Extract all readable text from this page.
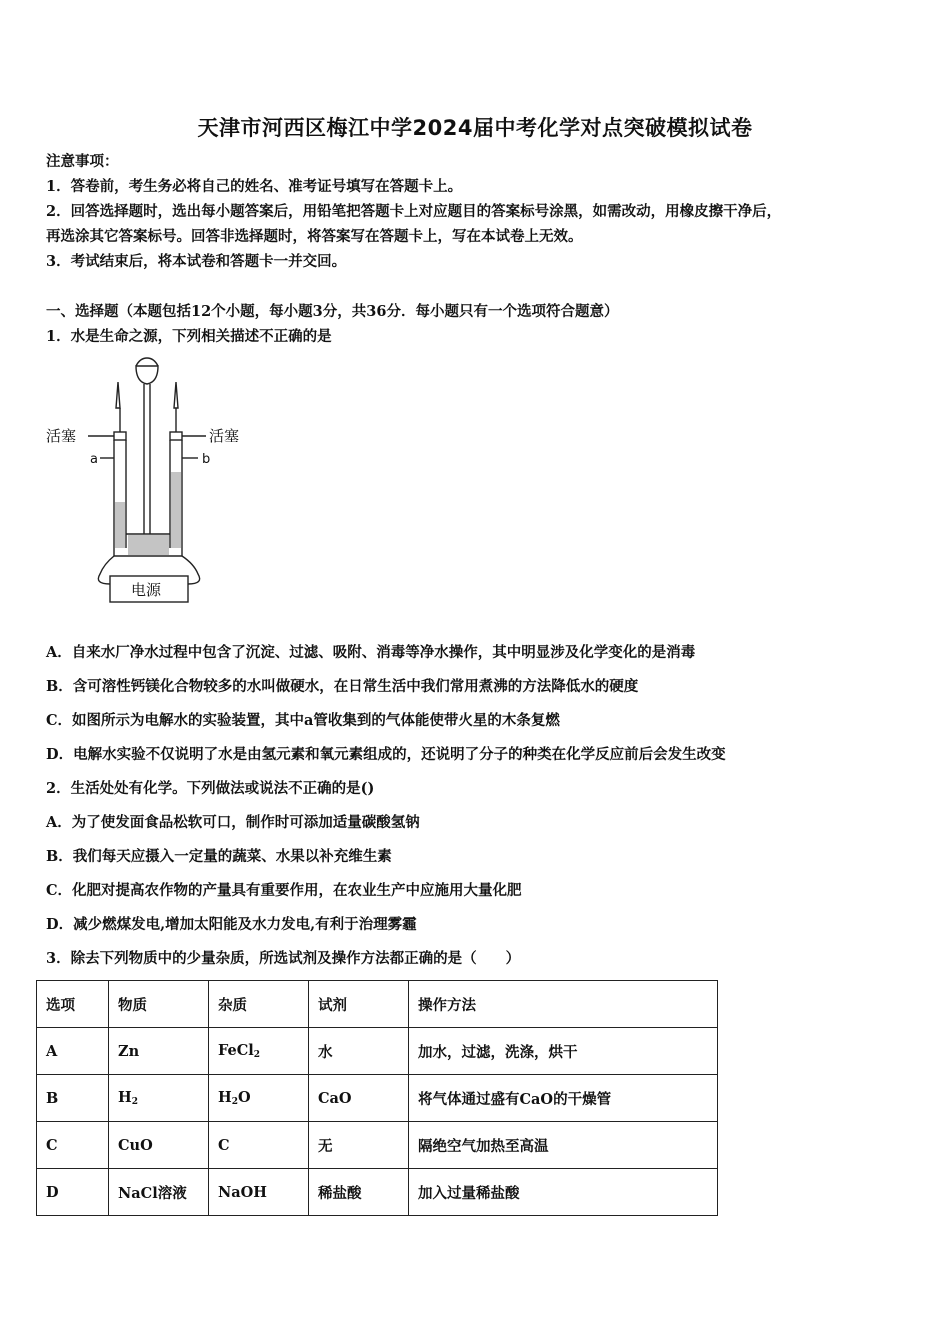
天津市河西区梅江中学2024届中考化学对点突破模拟试卷
注意事项：
1．答卷前，考生务必将自己的姓名、准考证号填写在答题卡上。
2．回答选择题时，选出每小题答案后，用铅笔把答题卡上对应题目的答案标号涂黑，如需改动，用橡皮擦干净后，
再选涂其它答案标号。回答非选择题时，将答案写在答题卡上，写在本试卷上无效。
3．考试结束后，将本试卷和答题卡一并交回。
一、选择题（本题包括12个小题，每小题3分，共36分．每小题只有一个选项符合题意）
1．水是生命之源，下列相关描述不正确的是
活塞	活塞
a	b
电源
A．自来水厂净水过程中包含了沉淀、过滤、吸附、消毒等净水操作，其中明显涉及化学变化的是消毒
B．含可溶性钙镁化合物较多的水叫做硬水，在日常生活中我们常用煮沸的方法降低水的硬度
C．如图所示为电解水的实验装置，其中a管收集到的气体能使带火星的木条复燃
D．电解水实验不仅说明了水是由氢元素和氧元素组成的，还说明了分子的种类在化学反应前后会发生改变
2．生活处处有化学。下列做法或说法不正确的是()
A．为了使发面食品松软可口，制作时可添加适量碳酸氢钠
B．我们每天应摄入一定量的蔬菜、水果以补充维生素
C．化肥对提高农作物的产量具有重要作用，在农业生产中应施用大量化肥
D．减少燃煤发电,增加太阳能及水力发电,有利于治理雾霾
3．除去下列物质中的少量杂质，所选试剂及操作方法都正确的是（　　）
选项	物质	杂质	试剂	操作方法
A	Zn	FeCl$_2$	水	加水，过滤，洗涤，烘干
B	$H_2$	$H_2O$	CaO	将气体通过盛有CaO的干燥管
C	CuO	C	无	隔绝空气加热至高温
D	NaCl溶液	NaOH	稀盐酸	加入过量稀盐酸
